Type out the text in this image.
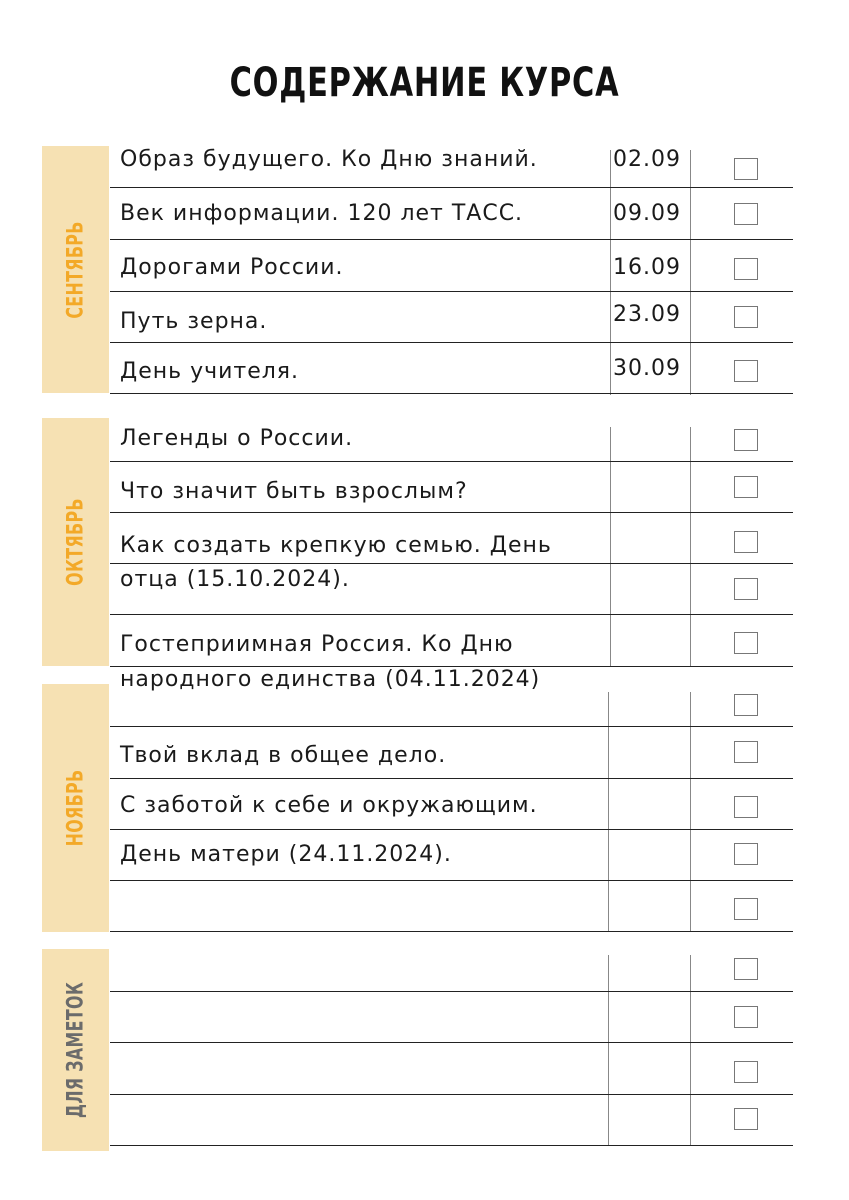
СОДЕРЖАНИЕ КУРСА
СЕНТЯБРЬ
ОКТЯБРЬ
НОЯБРЬ
ДЛЯ ЗАМЕТОК
Образ будущего. Ко Дню знаний.	02.09
Век информации. 120 лет ТАСС.	09.09
Дорогами России.	16.09
Путь зерна.	23.09
День учителя.	30.09
Легенды о России.
Что значит быть взрослым?
Как создать крепкую семью. День
отца (15.10.2024).
Гостеприимная Россия. Ко Дню
народного единства (04.11.2024)
Твой вклад в общее дело.
С заботой к себе и окружающим.
День матери (24.11.2024).
